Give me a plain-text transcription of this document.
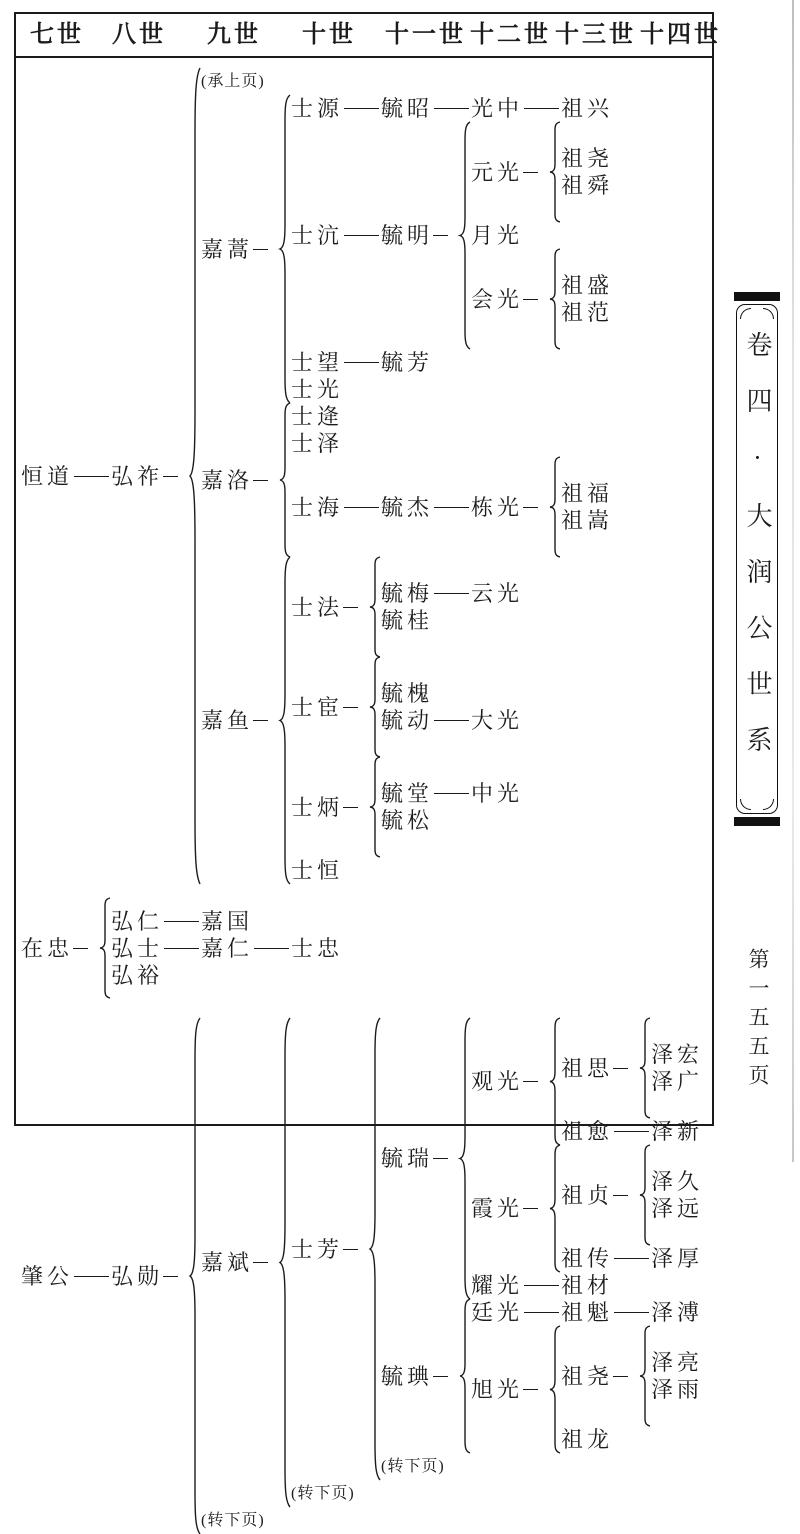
七世 八世 九世 十世 十一世 十二世 十三世 十四世
恒道 弘祚
(承上页)
嘉蒿
士源 毓昭 光中 祖兴
士沆 毓明
元光
祖尧
祖舜
月光
会光
祖盛
祖范
士望 毓芳
士光
嘉洛
士逄
士泽
士海 毓杰 栋光
祖福
祖嵩
嘉鱼
士法
毓梅 云光
毓桂
士宦
毓槐
毓动 大光
士炳
毓堂 中光
毓松
士恒
在忠
弘仁 嘉国
弘士 嘉仁 士忠
弘裕
肇公 弘勋
嘉斌
士芳
毓瑞
观光
祖思
泽宏
泽广
祖愈 泽新
霞光
祖贞
泽久
泽远
祖传 泽厚
耀光 祖材
毓琠
廷光 祖魁 泽溥
旭光
祖尧
泽亮
泽雨
祖龙
(转下页)
(转下页)
(转下页)
卷四·大润公世系
第一五五页
